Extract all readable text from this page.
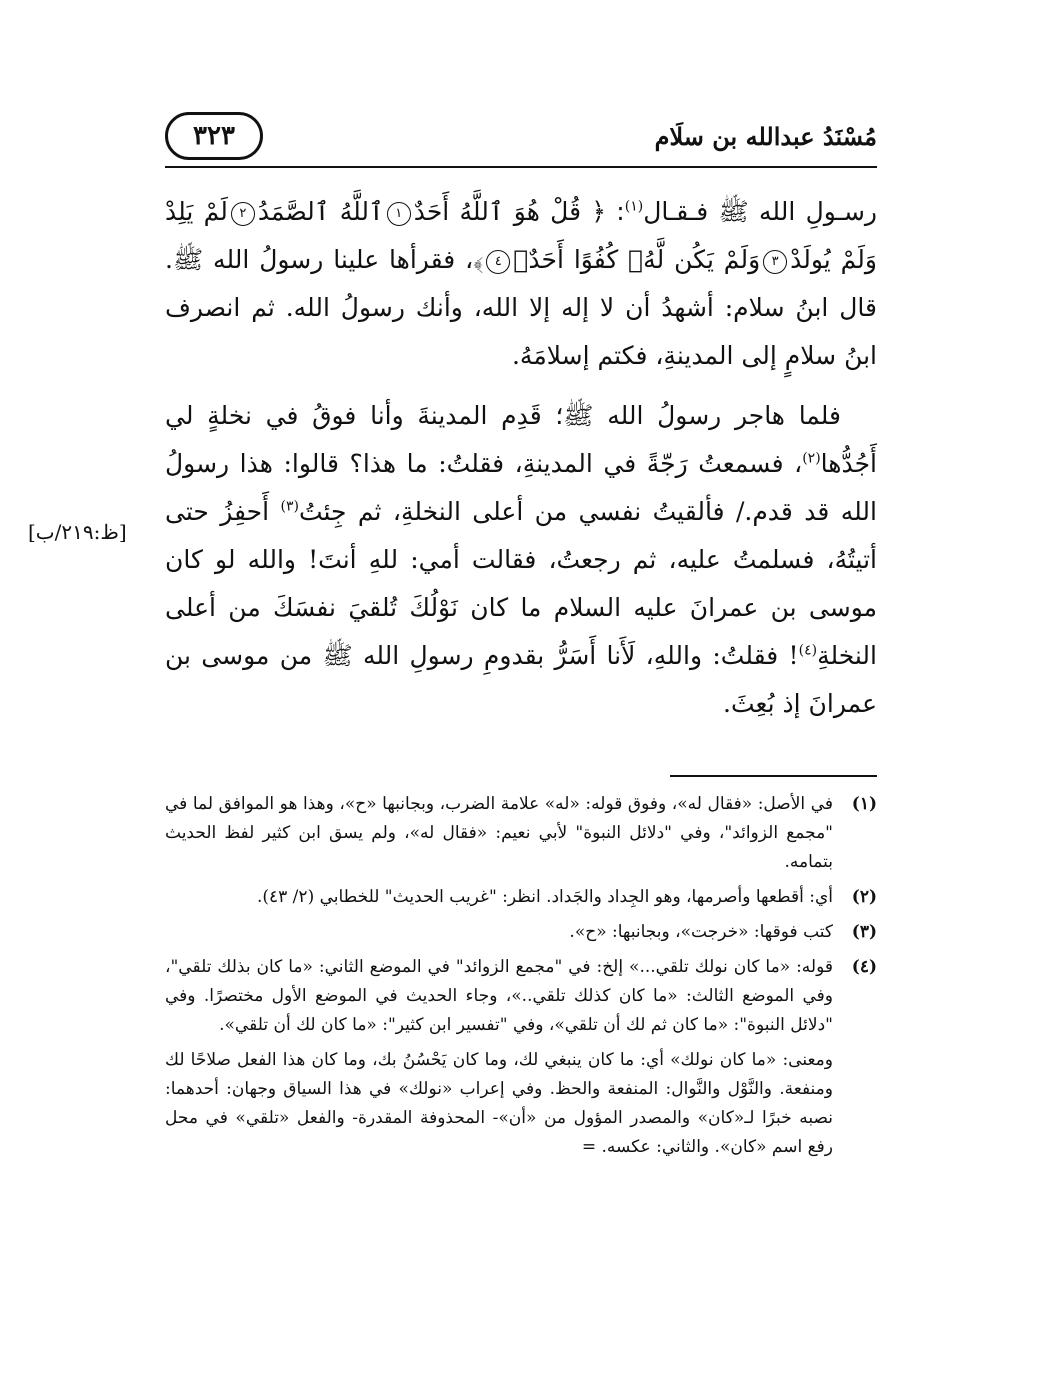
مُسْنَدُ عبدالله بن سلَام
٣٢٣

رسـولِ الله ﷺ فـقـال$^{(١)}$: ﴿ قُلْ هُوَ ٱللَّهُ أَحَدٌ١ٱللَّهُ ٱلصَّمَدُ٢لَمْ يَلِدْ وَلَمْ يُولَدْ٣وَلَمْ يَكُن لَّهُۥ كُفُوًا أَحَدٌۢ٤﴾، فقرأها علينا رسولُ الله ﷺ. قال ابنُ سلام: أشهدُ أن لا إله إلا الله، وأنك رسولُ الله. ثم انصرف ابنُ سلامٍ إلى المدينةِ، فكتم إسلامَهُ.

فلما هاجر رسولُ الله ﷺ؛ قَدِم المدينةَ وأنا فوقُ في نخلةٍ لي أَجُدُّها$^{(٢)}$، فسمعتُ رَجّةً في المدينةِ، فقلتُ: ما هذا؟ قالوا: هذا رسولُ الله قد قدم./ فألقيتُ نفسي من أعلى النخلةِ، ثم جِئتُ$^{(٣)}$ أَحفِزُ حتى أتيتُهُ، فسلمتُ عليه، ثم رجعتُ، فقالت أمي: للهِ أنتَ! والله لو كان موسى بن عمرانَ عليه السلام ما كان نَوْلُكَ تُلقيَ نفسَكَ من أعلى النخلةِ$^{(٤)}$! فقلتُ: واللهِ، لَأَنا أَسَرُّ بقدومِ رسولِ الله ﷺ من موسى بن عمرانَ إذ بُعِثَ.

[ظ:٢١٩/ب]
(١)
في الأصل: «فقال له»، وفوق قوله: «له» علامة الضرب، وبجانبها «ح»، وهذا هو الموافق لما في "مجمع الزوائد"، وفي "دلائل النبوة" لأبي نعيم: «فقال له»، ولم يسق ابن كثير لفظ الحديث بتمامه.
(٢)
أي: أقطعها وأصرمها، وهو الجِداد والجَداد. انظر: "غريب الحديث" للخطابي (٢/ ٤٣).
(٣)
كتب فوقها: «خرجت»، وبجانبها: «ح».
(٤)
قوله: «ما كان نولك تلقي...» إلخ: في "مجمع الزوائد" في الموضع الثاني: «ما كان بذلك تلقي"، وفي الموضع الثالث: «ما كان كذلك تلقي..»، وجاء الحديث في الموضع الأول مختصرًا. وفي "دلائل النبوة": «ما كان ثم لك أن تلقي»، وفي "تفسير ابن كثير": «ما كان لك أن تلقي».

ومعنى: «ما كان نولك» أي: ما كان ينبغي لك، وما كان يَحْسُنُ بك، وما كان هذا الفعل صلاحًا لك ومنفعة. والنَّوْل والنَّوال: المنفعة والحظ. وفي إعراب «نولك» في هذا السياق وجهان: أحدهما: نصبه خبرًا لـ«كان» والمصدر المؤول من «أن»- المحذوفة المقدرة- والفعل «تلقي» في محل رفع اسم «كان». والثاني: عكسه. =
